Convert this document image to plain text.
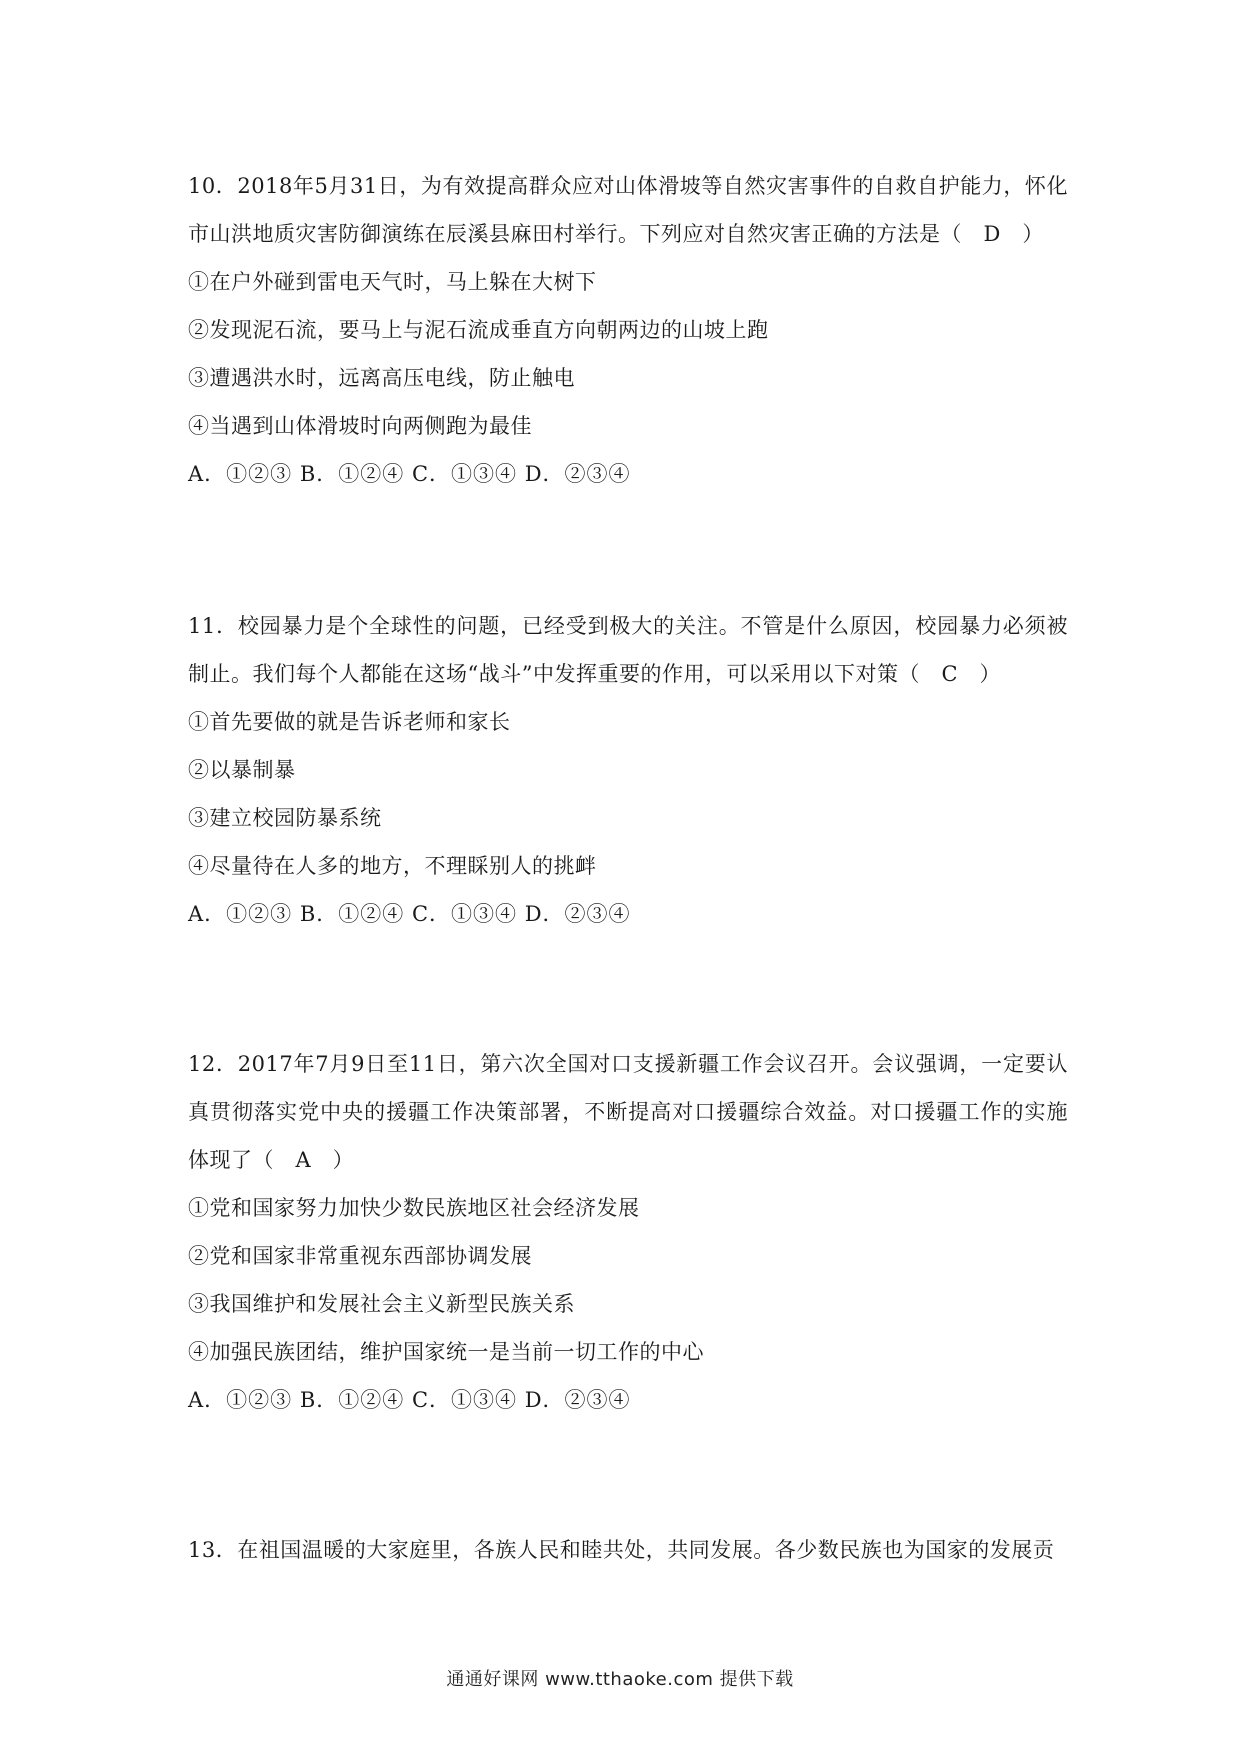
10．2018年5月31日，为有效提高群众应对山体滑坡等自然灾害事件的自救自护能力，怀化市山洪地质灾害防御演练在辰溪县麻田村举行。下列应对自然灾害正确的方法是（　D　）

①在户外碰到雷电天气时，马上躲在大树下

②发现泥石流，要马上与泥石流成垂直方向朝两边的山坡上跑

③遭遇洪水时，远离高压电线，防止触电

④当遇到山体滑坡时向两侧跑为最佳

A．①②③ B．①②④ C．①③④ D．②③④

11．校园暴力是个全球性的问题，已经受到极大的关注。不管是什么原因，校园暴力必须被制止。我们每个人都能在这场“战斗”中发挥重要的作用，可以采用以下对策（　C　）

①首先要做的就是告诉老师和家长

②以暴制暴

③建立校园防暴系统

④尽量待在人多的地方，不理睬别人的挑衅

A．①②③ B．①②④ C．①③④ D．②③④

12．2017年7月9日至11日，第六次全国对口支援新疆工作会议召开。会议强调，一定要认真贯彻落实党中央的援疆工作决策部署，不断提高对口援疆综合效益。对口援疆工作的实施体现了（　A　）

①党和国家努力加快少数民族地区社会经济发展

②党和国家非常重视东西部协调发展

③我国维护和发展社会主义新型民族关系

④加强民族团结，维护国家统一是当前一切工作的中心

A．①②③ B．①②④ C．①③④ D．②③④

13．在祖国温暖的大家庭里，各族人民和睦共处，共同发展。各少数民族也为国家的发展贡

通通好课网 www.tthaoke.com 提供下载
